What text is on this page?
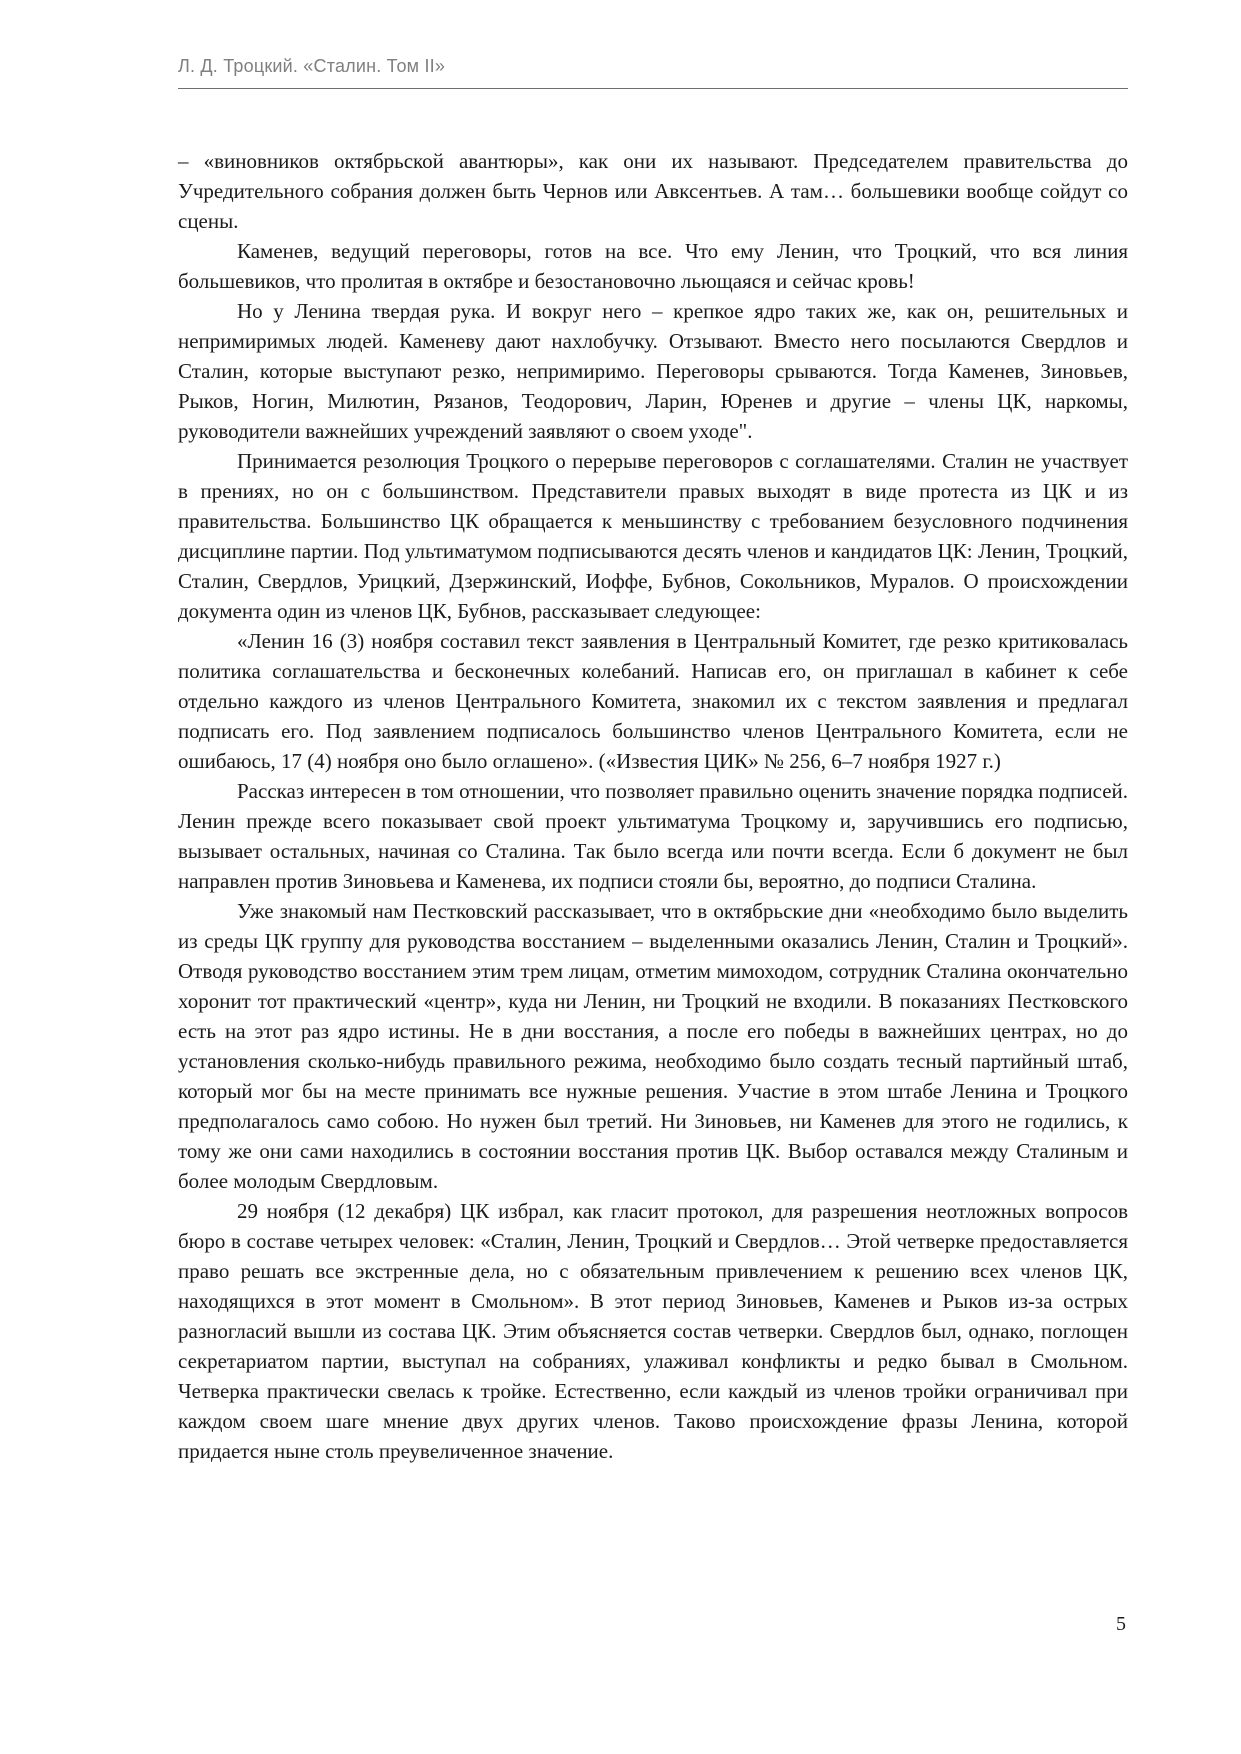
Л. Д. Троцкий. «Сталин. Том II»

– «виновников октябрьской авантюры», как они их называют. Председателем правительства до Учредительного собрания должен быть Чернов или Авксентьев. А там… большевики вообще сойдут со сцены.

Каменев, ведущий переговоры, готов на все. Что ему Ленин, что Троцкий, что вся линия большевиков, что пролитая в октябре и безостановочно льющаяся и сейчас кровь!

Но у Ленина твердая рука. И вокруг него – крепкое ядро таких же, как он, решительных и непримиримых людей. Каменеву дают нахлобучку. Отзывают. Вместо него посылаются Свердлов и Сталин, которые выступают резко, непримиримо. Переговоры срываются. Тогда Каменев, Зиновьев, Рыков, Ногин, Милютин, Рязанов, Теодорович, Ларин, Юренев и другие – члены ЦК, наркомы, руководители важнейших учреждений заявляют о своем уходе".

Принимается резолюция Троцкого о перерыве переговоров с соглашателями. Сталин не участвует в прениях, но он с большинством. Представители правых выходят в виде протеста из ЦК и из правительства. Большинство ЦК обращается к меньшинству с требованием безусловного подчинения дисциплине партии. Под ультиматумом подписываются десять членов и кандидатов ЦК: Ленин, Троцкий, Сталин, Свердлов, Урицкий, Дзержинский, Иоффе, Бубнов, Сокольников, Муралов. О происхождении документа один из членов ЦК, Бубнов, рассказывает следующее:

«Ленин 16 (3) ноября составил текст заявления в Центральный Комитет, где резко критиковалась политика соглашательства и бесконечных колебаний. Написав его, он приглашал в кабинет к себе отдельно каждого из членов Центрального Комитета, знакомил их с текстом заявления и предлагал подписать его. Под заявлением подписалось большинство членов Центрального Комитета, если не ошибаюсь, 17 (4) ноября оно было оглашено». («Известия ЦИК» № 256, 6–7 ноября 1927 г.)

Рассказ интересен в том отношении, что позволяет правильно оценить значение порядка подписей. Ленин прежде всего показывает свой проект ультиматума Троцкому и, заручившись его подписью, вызывает остальных, начиная со Сталина. Так было всегда или почти всегда. Если б документ не был направлен против Зиновьева и Каменева, их подписи стояли бы, вероятно, до подписи Сталина.

Уже знакомый нам Пестковский рассказывает, что в октябрьские дни «необходимо было выделить из среды ЦК группу для руководства восстанием – выделенными оказались Ленин, Сталин и Троцкий». Отводя руководство восстанием этим трем лицам, отметим мимоходом, сотрудник Сталина окончательно хоронит тот практический «центр», куда ни Ленин, ни Троцкий не входили. В показаниях Пестковского есть на этот раз ядро истины. Не в дни восстания, а после его победы в важнейших центрах, но до установления сколько-нибудь правильного режима, необходимо было создать тесный партийный штаб, который мог бы на месте принимать все нужные решения. Участие в этом штабе Ленина и Троцкого предполагалось само собою. Но нужен был третий. Ни Зиновьев, ни Каменев для этого не годились, к тому же они сами находились в состоянии восстания против ЦК. Выбор оставался между Сталиным и более молодым Свердловым.

29 ноября (12 декабря) ЦК избрал, как гласит протокол, для разрешения неотложных вопросов бюро в составе четырех человек: «Сталин, Ленин, Троцкий и Свердлов… Этой четверке предоставляется право решать все экстренные дела, но с обязательным привлечением к решению всех членов ЦК, находящихся в этот момент в Смольном». В этот период Зиновьев, Каменев и Рыков из-за острых разногласий вышли из состава ЦК. Этим объясняется состав четверки. Свердлов был, однако, поглощен секретариатом партии, выступал на собраниях, улаживал конфликты и редко бывал в Смольном. Четверка практически свелась к тройке. Естественно, если каждый из членов тройки ограничивал при каждом своем шаге мнение двух других членов. Таково происхождение фразы Ленина, которой придается ныне столь преувеличенное значение.

5
